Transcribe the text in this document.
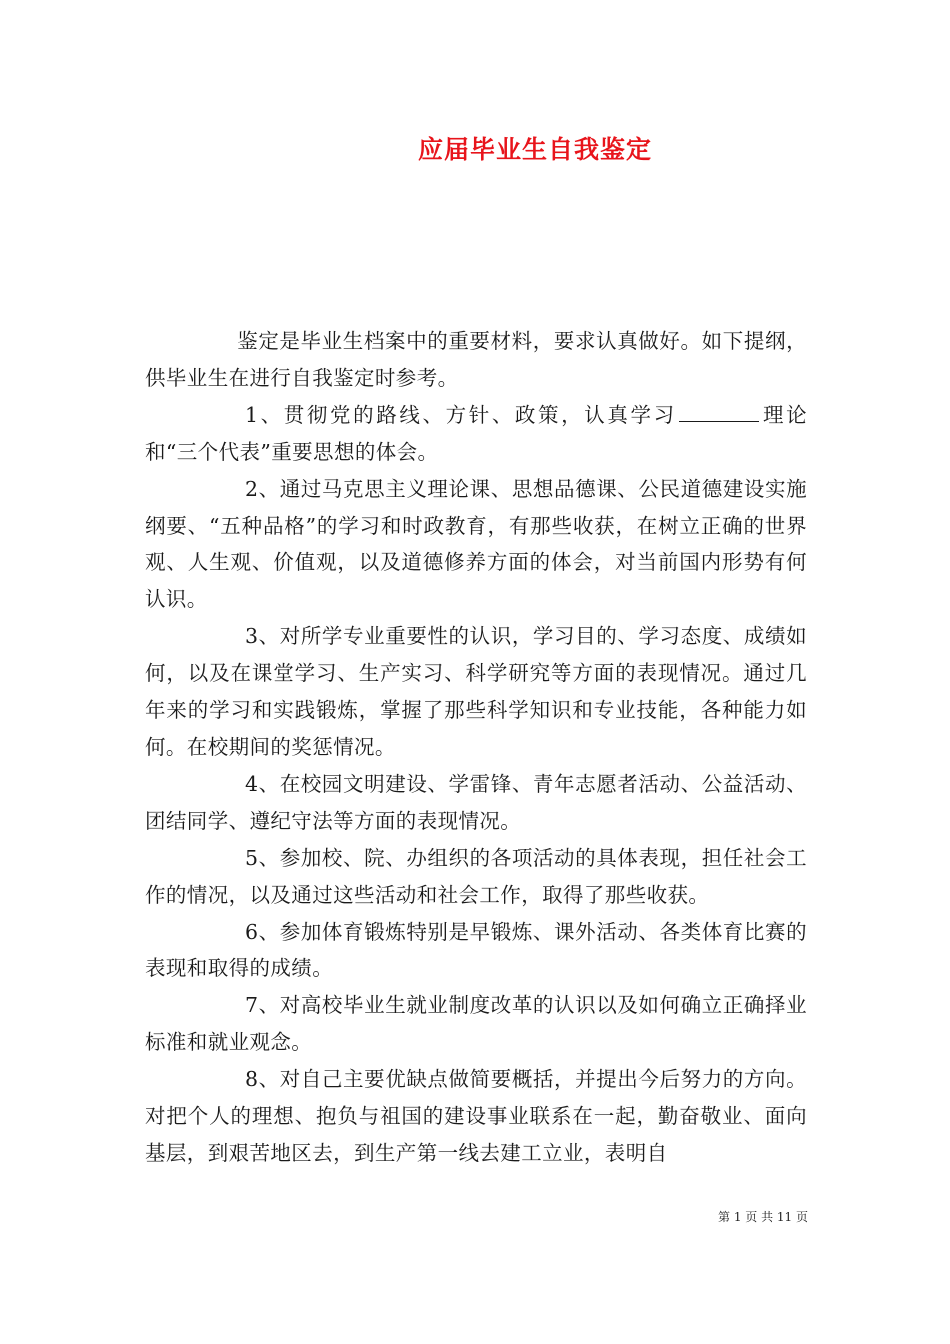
应届毕业生自我鉴定

鉴定是毕业生档案中的重要材料，要求认真做好。如下提纲，供毕业生在进行自我鉴定时参考。

1、贯彻党的路线、方针、政策，认真学习	理论和“三个代表”重要思想的体会。

2、通过马克思主义理论课、思想品德课、公民道德建设实施纲要、“五种品格”的学习和时政教育，有那些收获，在树立正确的世界观、人生观、价值观，以及道德修养方面的体会，对当前国内形势有何认识。

3、对所学专业重要性的认识，学习目的、学习态度、成绩如何，以及在课堂学习、生产实习、科学研究等方面的表现情况。通过几年来的学习和实践锻炼，掌握了那些科学知识和专业技能，各种能力如何。在校期间的奖惩情况。

4、在校园文明建设、学雷锋、青年志愿者活动、公益活动、团结同学、遵纪守法等方面的表现情况。

5、参加校、院、办组织的各项活动的具体表现，担任社会工作的情况，以及通过这些活动和社会工作，取得了那些收获。

6、参加体育锻炼特别是早锻炼、课外活动、各类体育比赛的表现和取得的成绩。

7、对高校毕业生就业制度改革的认识以及如何确立正确择业标准和就业观念。

8、对自己主要优缺点做简要概括，并提出今后努力的方向。对把个人的理想、抱负与祖国的建设事业联系在一起，勤奋敬业、面向基层，到艰苦地区去，到生产第一线去建工立业，表明自

第 1 页 共 11 页
